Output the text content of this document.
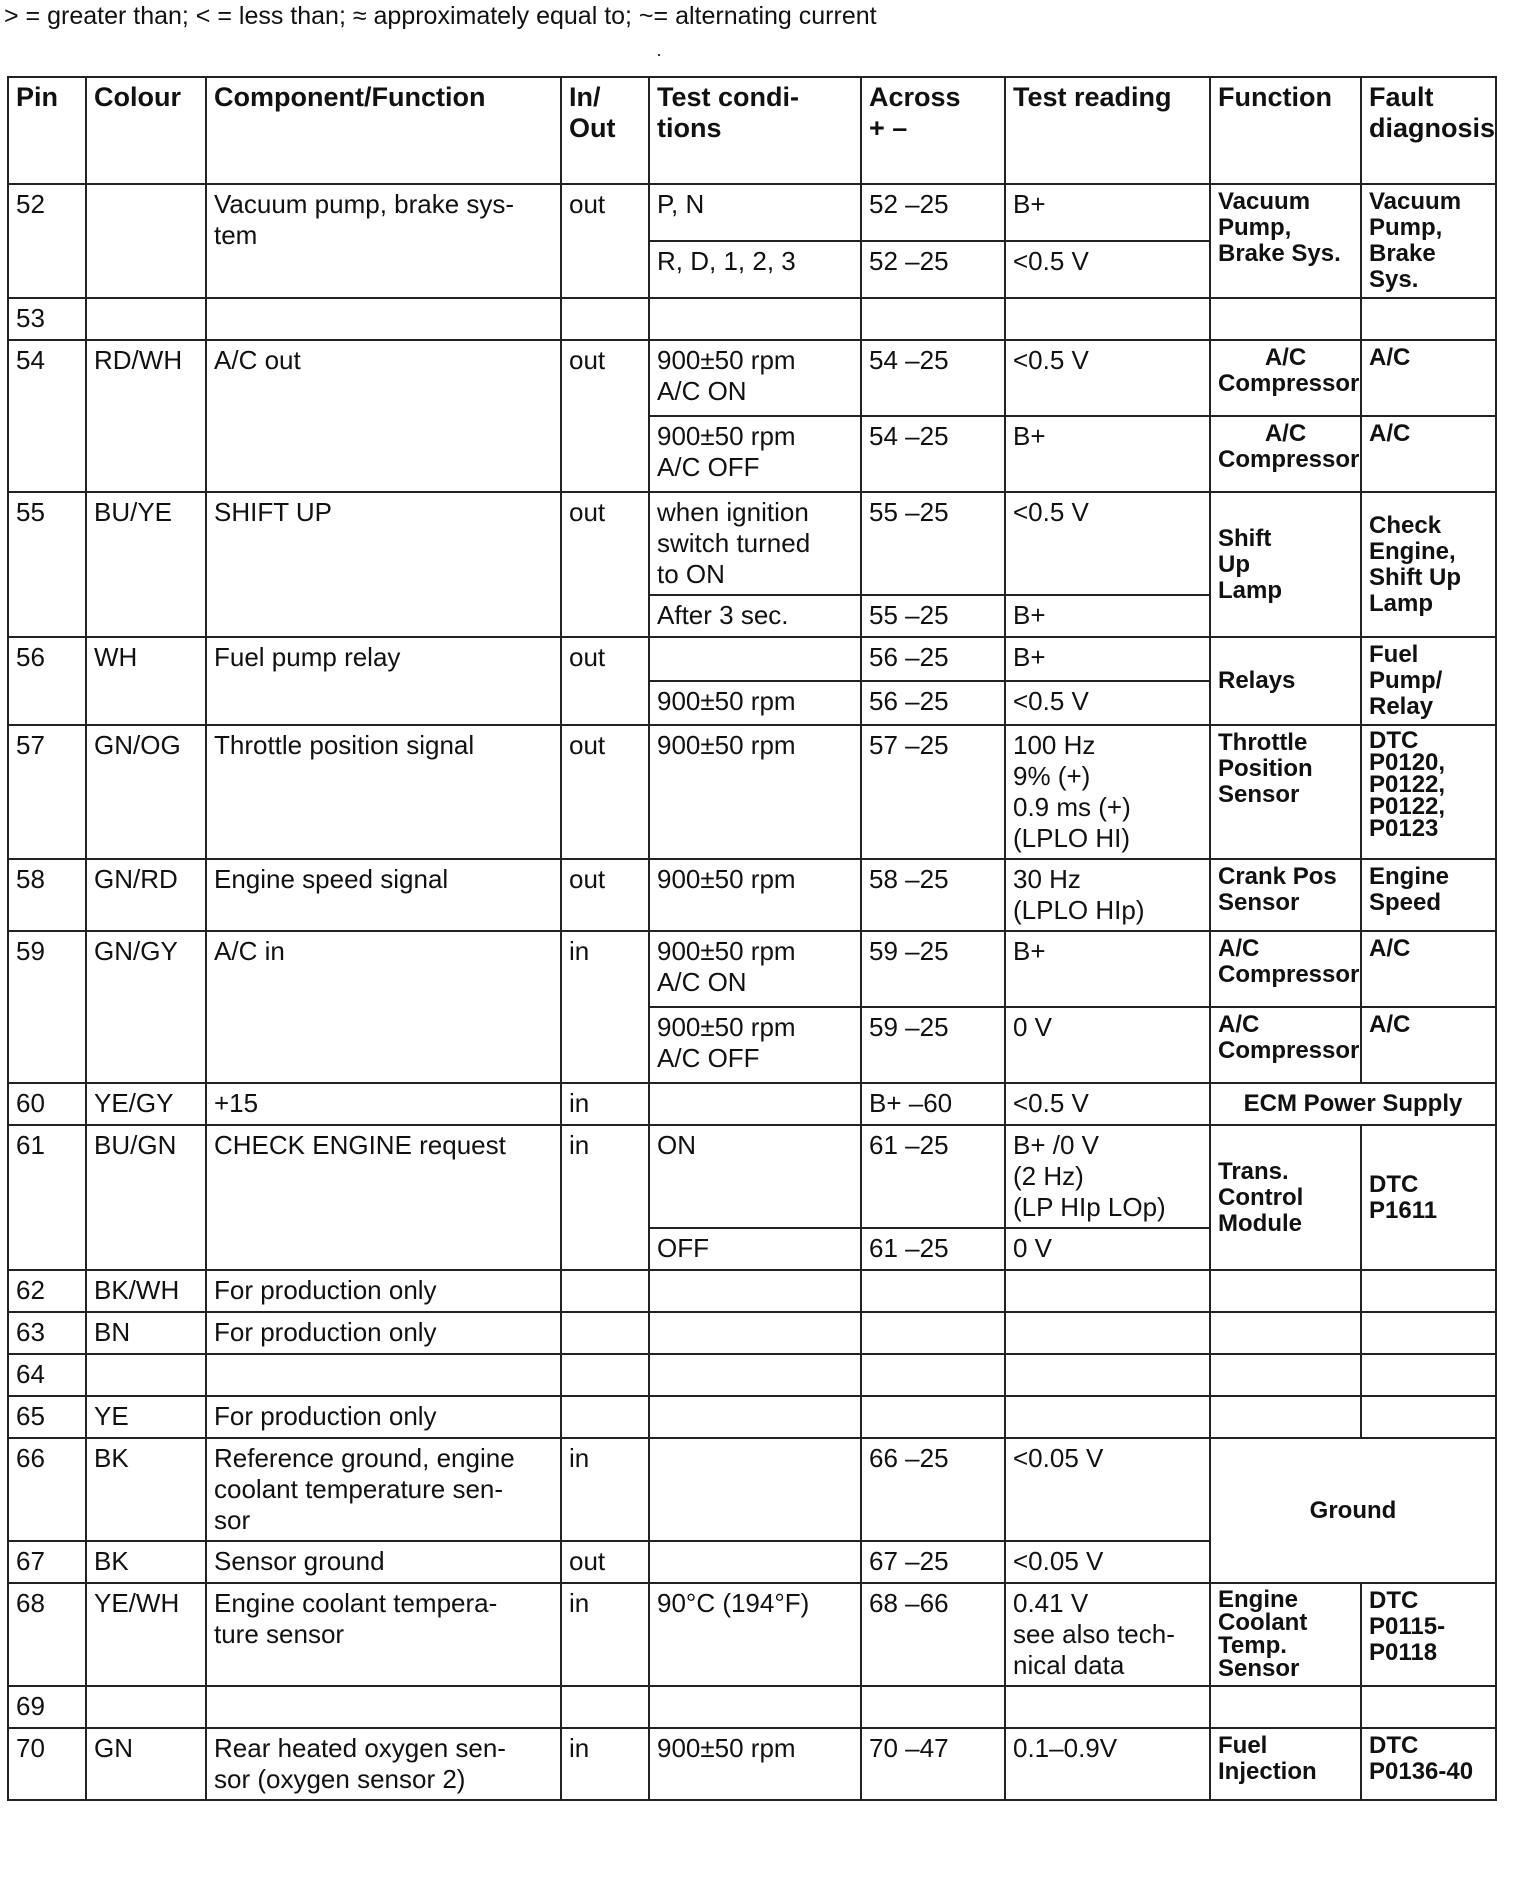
> = greater than; < = less than; ≈ approximately equal to; ~= alternating current
Pin	Colour	Component/Function	In/
Out	Test condi-
tions	Across
+ –	Test reading	Function	Fault
diagnosis
52		Vacuum pump, brake sys-
tem	out	P, N	52 –25	B+	Vacuum
Pump,
Brake Sys.	Vacuum
Pump,
Brake Sys.
				R, D, 1, 2, 3	52 –25	<0.5 V		
53								
54	RD/WH	A/C out	out	900±50 rpm
A/C ON	54 –25	<0.5 V	A/C
Compressor	A/C
				900±50 rpm
A/C OFF	54 –25	B+	A/C
Compressor	A/C
55	BU/YE	SHIFT UP	out	when ignition
switch turned
to ON	55 –25	<0.5 V	Shift
Up
Lamp	Check
Engine,
Shift Up
Lamp
				After 3 sec.	55 –25	B+		
56	WH	Fuel pump relay	out		56 –25	B+	Relays	Fuel Pump/
Relay
				900±50 rpm	56 –25	<0.5 V		
57	GN/OG	Throttle position signal	out	900±50 rpm	57 –25	100 Hz
9% (+)
0.9 ms (+)
(LPLO HI)	Throttle
Position
Sensor	DTC
P0120,
P0122,
P0122,
P0123
58	GN/RD	Engine speed signal	out	900±50 rpm	58 –25	30 Hz
(LPLO HIp)	Crank Pos
Sensor	Engine
Speed
59	GN/GY	A/C in	in	900±50 rpm
A/C ON	59 –25	B+	A/C
Compressor	A/C
				900±50 rpm
A/C OFF	59 –25	0 V	A/C
Compressor	A/C
60	YE/GY	+15	in		B+ –60	<0.5 V	ECM Power Supply	
61	BU/GN	CHECK ENGINE request	in	ON	61 –25	B+ /0 V
(2 Hz)
(LP HIp LOp)	Trans.
Control
Module	DTC
P1611
				OFF	61 –25	0 V		
62	BK/WH	For production only						
63	BN	For production only						
64								
65	YE	For production only						
66	BK	Reference ground, engine
coolant temperature sen-
sor	in		66 –25	<0.05 V	Ground	
67	BK	Sensor ground	out		67 –25	<0.05 V		
68	YE/WH	Engine coolant tempera-
ture sensor	in	90°C (194°F)	68 –66	0.41 V
see also tech-
nical data	Engine
Coolant
Temp.
Sensor	DTC
P0115-
P0118
69								
70	GN	Rear heated oxygen sen-
sor (oxygen sensor 2)	in	900±50 rpm	70 –47	0.1–0.9V	Fuel
Injection	DTC
P0136-40
